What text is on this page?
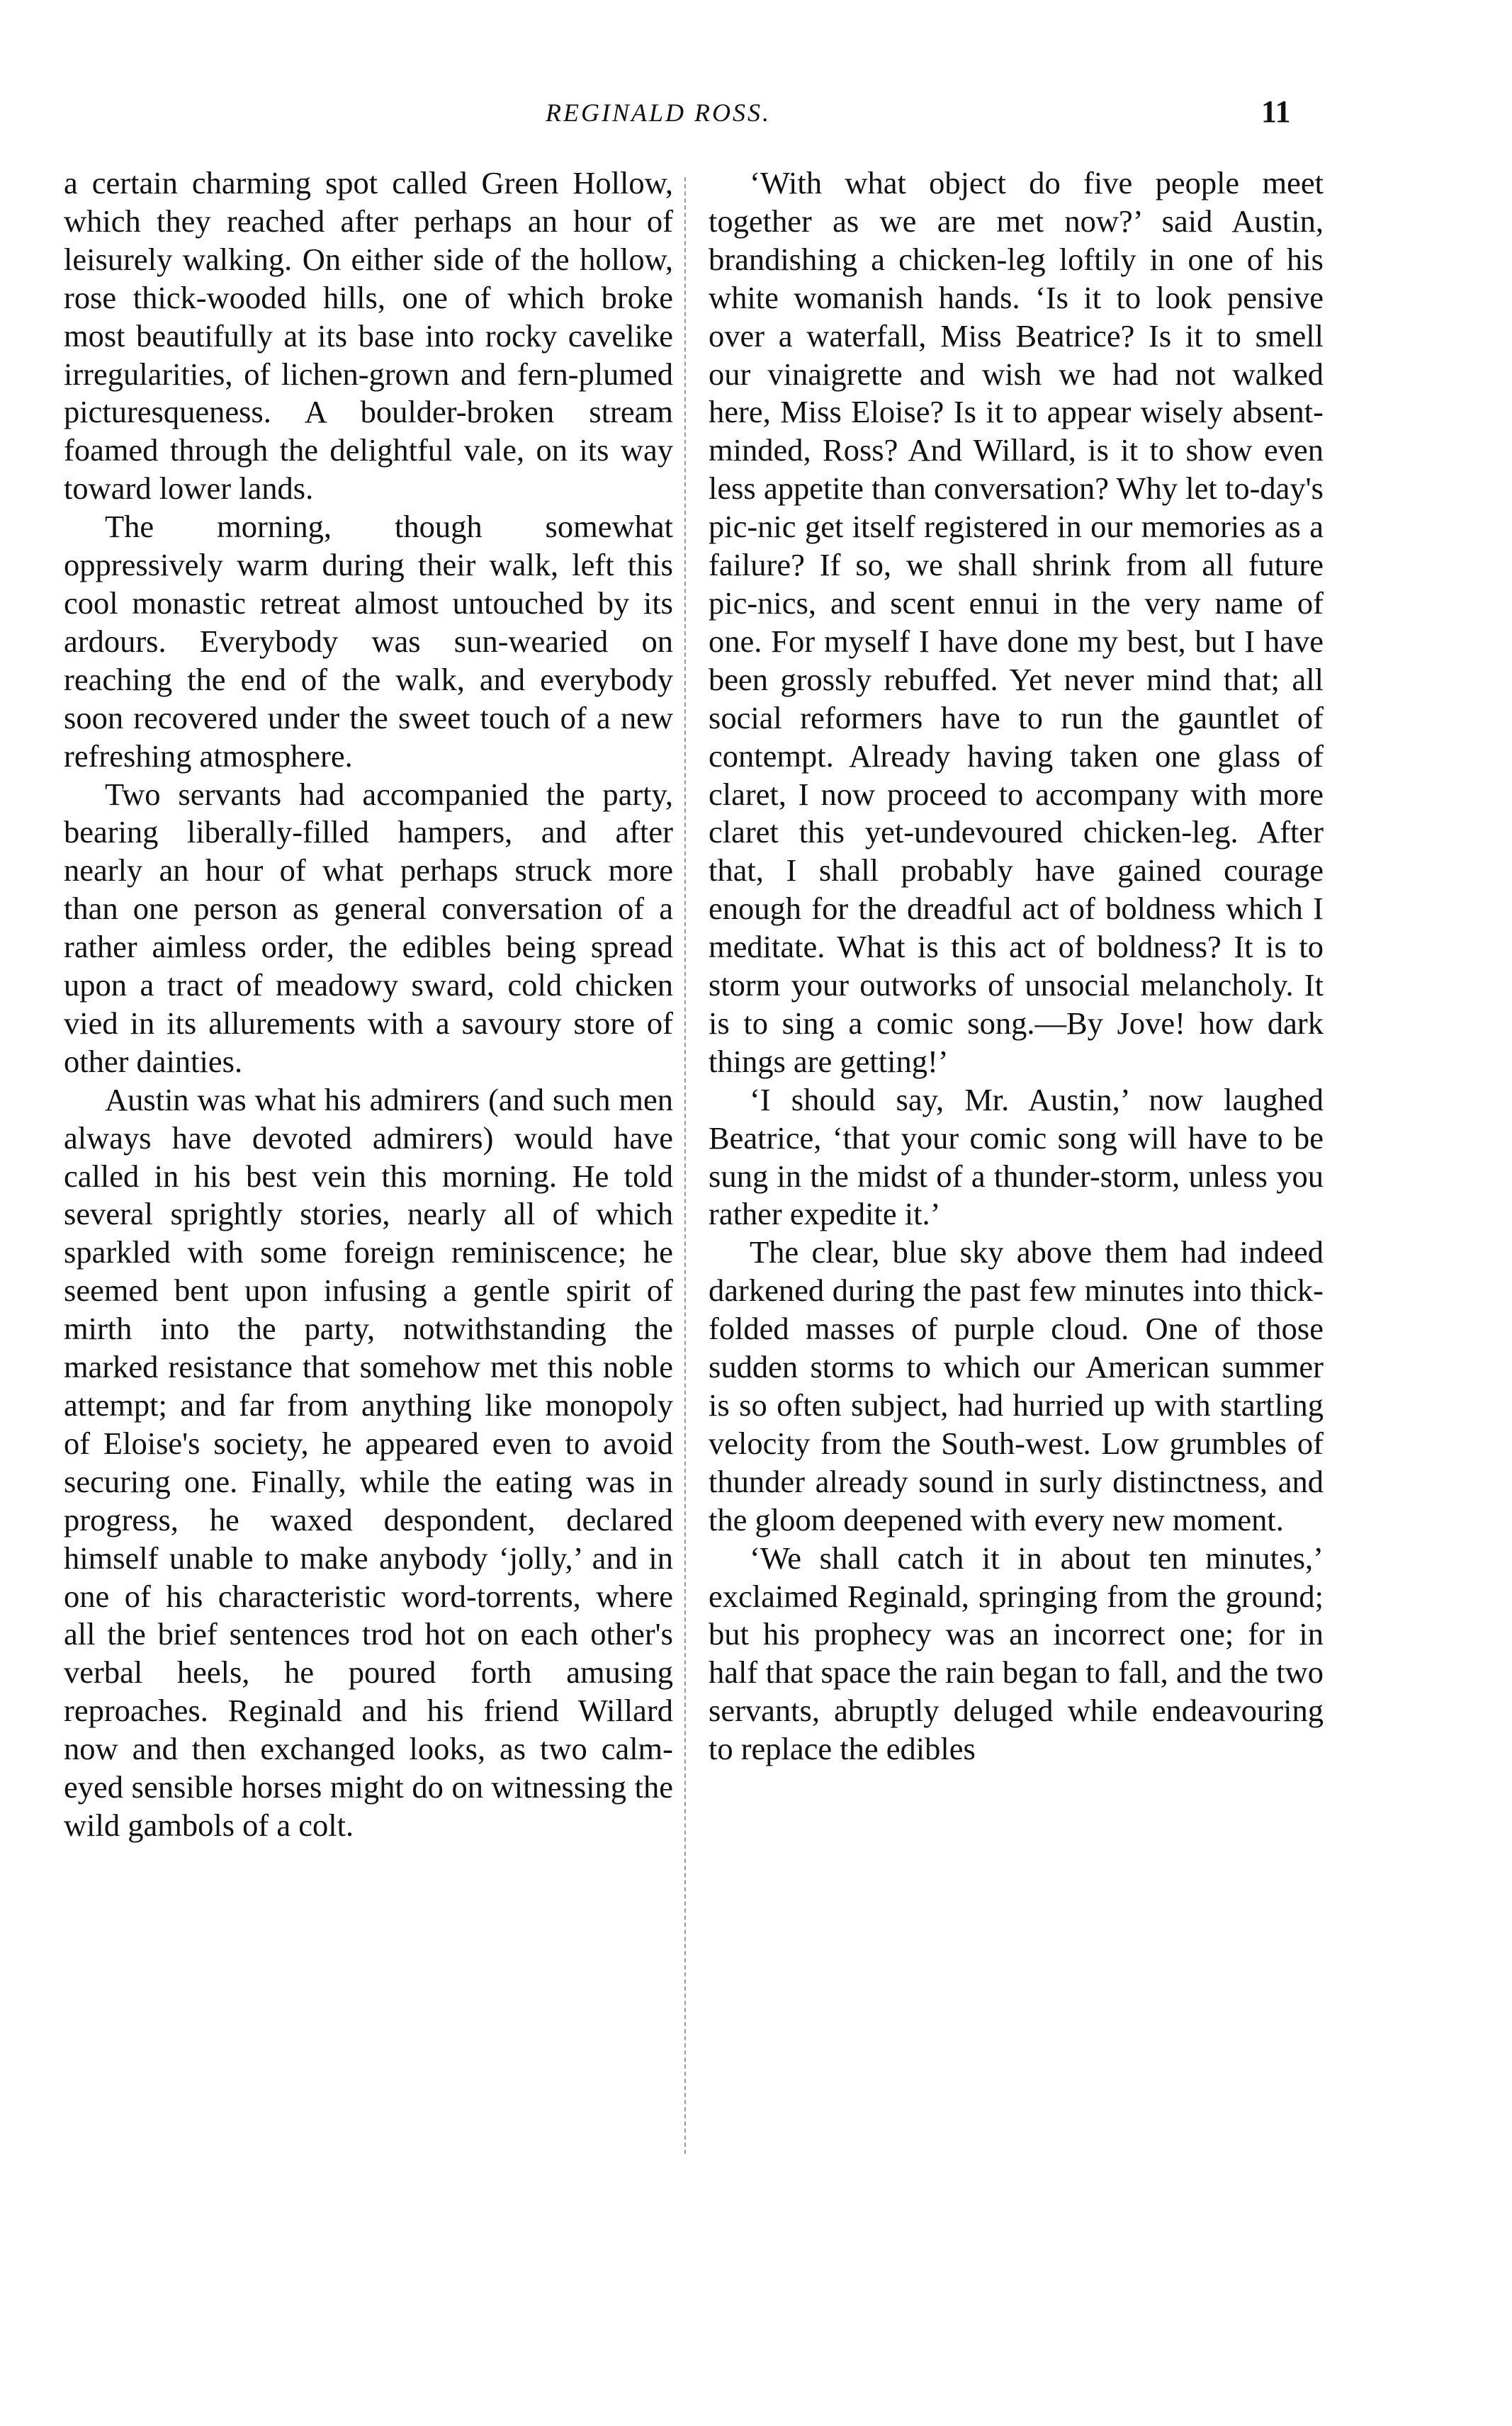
REGINALD ROSS.	11

a certain charming spot called Green Hollow, which they reached after perhaps an hour of leisurely walking. On either side of the hollow, rose thick-wooded hills, one of which broke most beautifully at its base into rocky cavelike irregularities, of lichen-grown and fern-plumed picturesqueness. A boulder-broken stream foamed through the delightful vale, on its way toward lower lands.

The morning, though somewhat oppressively warm during their walk, left this cool monastic retreat almost untouched by its ardours. Everybody was sun-wearied on reaching the end of the walk, and everybody soon recovered under the sweet touch of a new refreshing atmosphere.

Two servants had accompanied the party, bearing liberally-filled hampers, and after nearly an hour of what perhaps struck more than one person as general conversation of a rather aimless order, the edibles being spread upon a tract of meadowy sward, cold chicken vied in its allurements with a savoury store of other dainties.

Austin was what his admirers (and such men always have devoted admirers) would have called in his best vein this morning. He told several sprightly stories, nearly all of which sparkled with some foreign reminiscence; he seemed bent upon infusing a gentle spirit of mirth into the party, notwithstanding the marked resistance that somehow met this noble attempt; and far from anything like monopoly of Eloise's society, he appeared even to avoid securing one. Finally, while the eating was in progress, he waxed despondent, declared himself unable to make anybody ‘jolly,’ and in one of his characteristic word-torrents, where all the brief sentences trod hot on each other's verbal heels, he poured forth amusing reproaches. Reginald and his friend Willard now and then exchanged looks, as two calm-eyed sensible horses might do on witnessing the wild gambols of a colt.

‘With what object do five people meet together as we are met now?’ said Austin, brandishing a chicken-leg loftily in one of his white womanish hands. ‘Is it to look pensive over a waterfall, Miss Beatrice? Is it to smell our vinaigrette and wish we had not walked here, Miss Eloise? Is it to appear wisely absent-minded, Ross? And Willard, is it to show even less appetite than conversation? Why let to-day's pic-nic get itself registered in our memories as a failure? If so, we shall shrink from all future pic-nics, and scent ennui in the very name of one. For myself I have done my best, but I have been grossly rebuffed. Yet never mind that; all social reformers have to run the gauntlet of contempt. Already having taken one glass of claret, I now proceed to accompany with more claret this yet-undevoured chicken-leg. After that, I shall probably have gained courage enough for the dreadful act of boldness which I meditate. What is this act of boldness? It is to storm your outworks of unsocial melancholy. It is to sing a comic song.—By Jove! how dark things are getting!’

‘I should say, Mr. Austin,’ now laughed Beatrice, ‘that your comic song will have to be sung in the midst of a thunder-storm, unless you rather expedite it.’

The clear, blue sky above them had indeed darkened during the past few minutes into thick-folded masses of purple cloud. One of those sudden storms to which our American summer is so often subject, had hurried up with startling velocity from the South-west. Low grumbles of thunder already sound in surly distinctness, and the gloom deepened with every new moment.

‘We shall catch it in about ten minutes,’ exclaimed Reginald, springing from the ground; but his prophecy was an incorrect one; for in half that space the rain began to fall, and the two servants, abruptly deluged while endeavouring to replace the edibles
